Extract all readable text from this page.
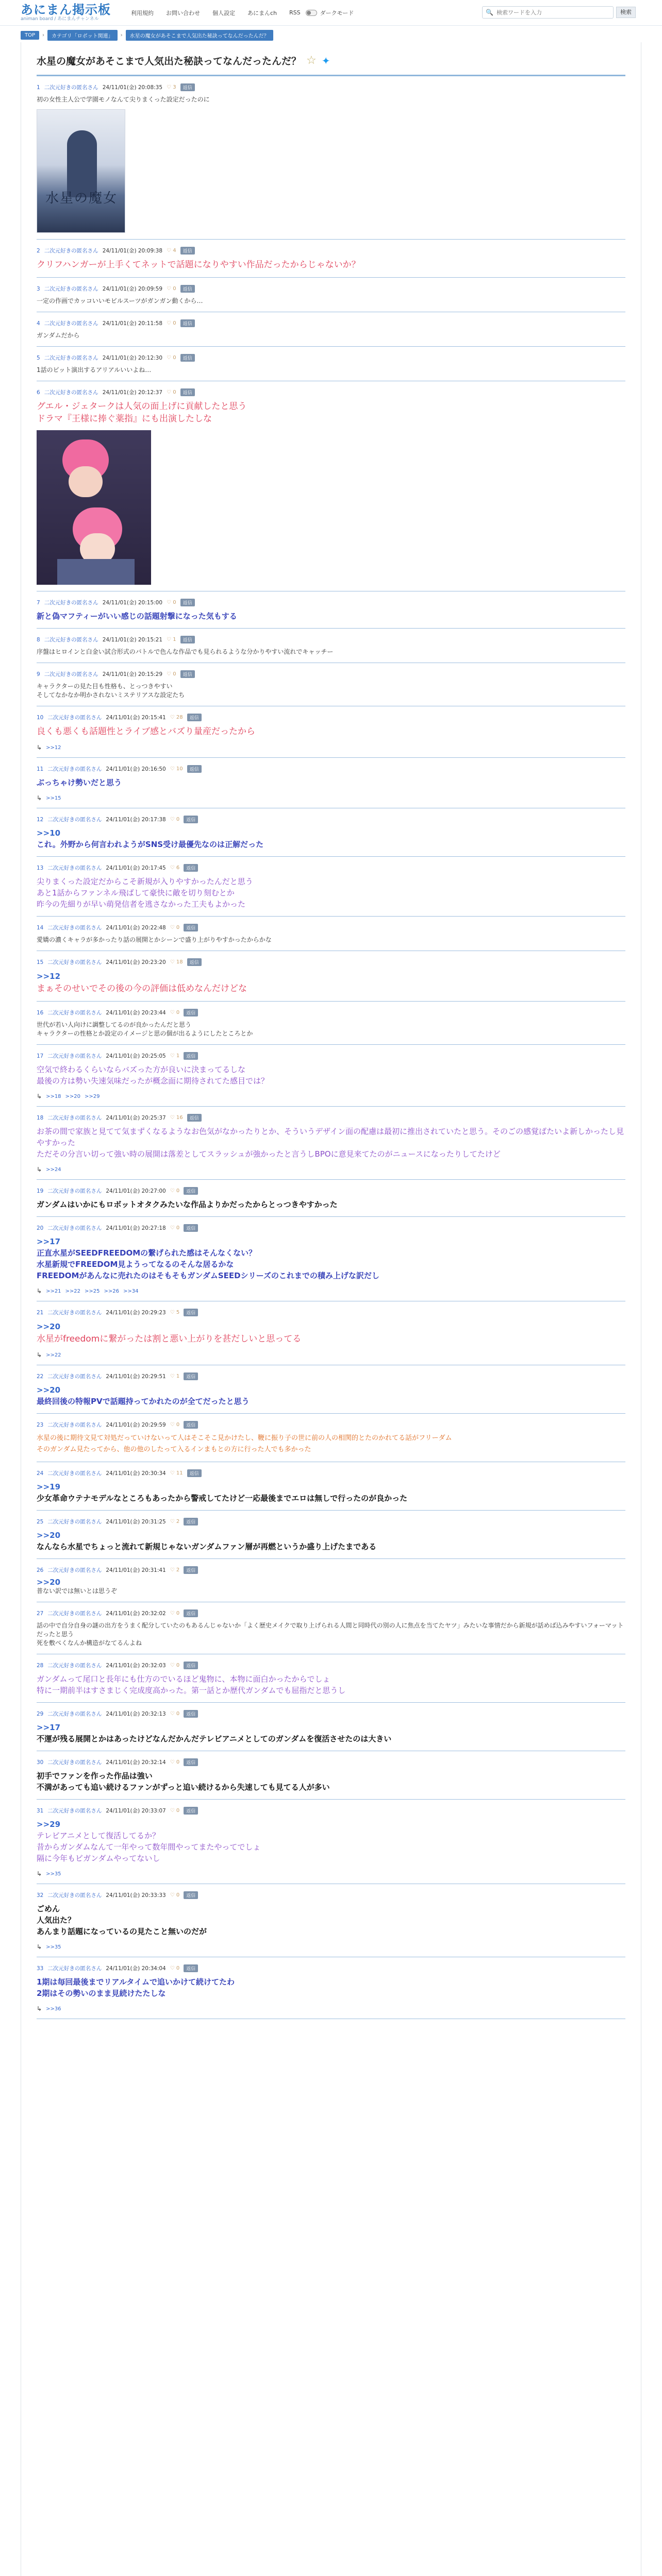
あにまん掲示板
animan board / あにまんチャンネル
利用規約 お問い合わせ 個人設定 あにまんch RSS	ダークモード	🔍
検索ワードを入力	検索
TOP	›	カテゴリ「ロボット関連」	›	水星の魔女があそこまで人気出た秘訣ってなんだったんだ？
水星の魔女があそこまで人気出た秘訣ってなんだったんだ？ ☆ ✦
1 二次元好きの匿名さん 24/11/01(金) 20:08:35 ♡ 3	返信
初の女性主人公で学園モノなんて尖りまくった設定だったのに
水星の魔女
2 二次元好きの匿名さん 24/11/01(金) 20:09:38 ♡ 4	返信
クリフハンガーが上手くてネットで話題になりやすい作品だったからじゃないか？
3 二次元好きの匿名さん 24/11/01(金) 20:09:59 ♡ 0	返信
一定の作画でカッコいいモビルスーツがガンガン動くから…
4 二次元好きの匿名さん 24/11/01(金) 20:11:58 ♡ 0	返信
ガンダムだから
5 二次元好きの匿名さん 24/11/01(金) 20:12:30 ♡ 0	返信
1話のビット演出するアリアルいいよね…
6 二次元好きの匿名さん 24/11/01(金) 20:12:37 ♡ 0	返信
グエル・ジェタークは人気の面上げに貢献したと思う
ドラマ『王様に捧ぐ薬指』にも出演したしな
7 二次元好きの匿名さん 24/11/01(金) 20:15:00 ♡ 0	返信
新と偽マフティーがいい感じの話題射撃になった気もする
8 二次元好きの匿名さん 24/11/01(金) 20:15:21 ♡ 1	返信
序盤はヒロインと白金い試合形式のバトルで色んな作品でも見られるような分かりやすい流れでキャッチー
9 二次元好きの匿名さん 24/11/01(金) 20:15:29 ♡ 0	返信
キャラクターの見た目も性格も、とっつきやすい
そしてなかなか明かされないミステリアスな設定たち
10 二次元好きの匿名さん 24/11/01(金) 20:15:41 ♡ 28	返信
良くも悪くも話題性とライブ感とバズり量産だったから
↳ >>12
11 二次元好きの匿名さん 24/11/01(金) 20:16:50 ♡ 10	返信
ぶっちゃけ勢いだと思う
↳ >>15
12 二次元好きの匿名さん 24/11/01(金) 20:17:38 ♡ 0	返信
>>10
これ。外野から何言われようがSNS受け最優先なのは正解だった
13 二次元好きの匿名さん 24/11/01(金) 20:17:45 ♡ 6	返信
尖りまくった設定だからこそ新規が入りやすかったんだと思う
あと1話からファンネル飛ばして豪快に敵を切り刻むとか
昨今の先細りが早い萌発信者を逃さなかった工夫もよかった
14 二次元好きの匿名さん 24/11/01(金) 20:22:48 ♡ 0	返信
愛嬌の濃くキャラが多かったり話の展開とかシーンで盛り上がりやすかったからかな
15 二次元好きの匿名さん 24/11/01(金) 20:23:20 ♡ 18	返信
>>12
まぁそのせいでその後の今の評価は低めなんだけどな
16 二次元好きの匿名さん 24/11/01(金) 20:23:44 ♡ 0	返信
世代が若い人向けに調整してるのが良かったんだと思う
キャラクターの性格とか設定のイメージと思の個が出るようにしたところとか
17 二次元好きの匿名さん 24/11/01(金) 20:25:05 ♡ 1	返信
空気で終わるくらいならバズった方が良いに決まってるしな
最後の方は勢い失速気味だったが概念面に期待されてた感目では？
↳ >>18 >>20 >>29
18 二次元好きの匿名さん 24/11/01(金) 20:25:37 ♡ 16	返信
お茶の間で家族と見てて気まずくなるようなお色気がなかったりとか、そういうデザイン面の配慮は最初に推出されていたと思う。そのごの感覚ばたいよ新しかったし見やすかった
ただその分言い切って強い時の展開は落差としてスラッシュが強かったと言うしBPOに意見来てたのがニュースになったりしてたけど
↳ >>24
19 二次元好きの匿名さん 24/11/01(金) 20:27:00 ♡ 0	返信
ガンダムはいかにもロボットオタクみたいな作品よりかだったからとっつきやすかった
20 二次元好きの匿名さん 24/11/01(金) 20:27:18 ♡ 0	返信
>>17
正直水星がSEEDFREEDOMの繋げられた感はそんなくない？
水星新規でFREEDOM見ようってなるのそんな居るかな
FREEDOMがあんなに売れたのはそもそもガンダムSEEDシリーズのこれまでの積み上げな訳だし
↳ >>21 >>22 >>25 >>26 >>34
21 二次元好きの匿名さん 24/11/01(金) 20:29:23 ♡ 5	返信
>>20
水星がfreedomに繋がったは割と悪い上がりを甚だしいと思ってる
↳ >>22
22 二次元好きの匿名さん 24/11/01(金) 20:29:51 ♡ 1	返信
>>20
最終回後の特報PVで話題持ってかれたのが全てだったと思う
23 二次元好きの匿名さん 24/11/01(金) 20:29:59 ♡ 0	返信
水星の後に期待文見て対処だっていけないって人はそこそこ見かけたし、鞭に振り子の世に前の人の相関的とたのかれてる話がフリーダム
そのガンダム見たってから、他の他のしたって入るインまもとの方に行った人でも多かった
24 二次元好きの匿名さん 24/11/01(金) 20:30:34 ♡ 11	返信
>>19
少女革命ウテナモデルなところもあったから警戒してたけど一応最後までエロは無しで行ったのが良かった
25 二次元好きの匿名さん 24/11/01(金) 20:31:25 ♡ 2	返信
>>20
なんなら水星でちょっと流れて新規じゃないガンダムファン層が再燃というか盛り上げたまである
26 二次元好きの匿名さん 24/11/01(金) 20:31:41 ♡ 2	返信
>>20
普ない訳では無いとは思うぞ
27 二次元好きの匿名さん 24/11/01(金) 20:32:02 ♡ 0	返信
話の中で自分自身の謎の出方をうまく配分していたのもあるんじゃないか「よく歴史メイクで取り上げられる人間と同時代の別の人に焦点を当てたヤツ」みたいな事情だから新規が話めば込みやすいフォーマットだったと思う
死を敷べくなんか構造がなてるんよね
28 二次元好きの匿名さん 24/11/01(金) 20:32:03 ♡ 0	返信
ガンダムって尾口と長年にも仕方のでいるほど鬼物に、本物に面白かったからでしょ
特に一期前半はすさまじく完成度高かった。第一話とか歴代ガンダムでも屈指だと思うし
29 二次元好きの匿名さん 24/11/01(金) 20:32:13 ♡ 0	返信
>>17
不運が残る展開とかはあったけどなんだかんだテレビアニメとしてのガンダムを復活させたのは大きい
30 二次元好きの匿名さん 24/11/01(金) 20:32:14 ♡ 0	返信
初手でファンを作った作品は強い
不満があっても追い続けるファンがずっと追い続けるから失速しても見てる人が多い
31 二次元好きの匿名さん 24/11/01(金) 20:33:07 ♡ 0	返信
>>29
テレビアニメとして復活してるか？
昔からガンダムなんて一年やって数年間やってまたやってでしょ
隔に今年もビガンダムやってないし
↳ >>35
32 二次元好きの匿名さん 24/11/01(金) 20:33:33 ♡ 0	返信
ごめん
人気出た？
あんまり話題になっているの見たこと無いのだが
↳ >>35
33 二次元好きの匿名さん 24/11/01(金) 20:34:04 ♡ 0	返信
1期は毎回最後までリアルタイムで追いかけて続けてたわ
2期はその勢いのまま見続けたたしな
↳ >>36
